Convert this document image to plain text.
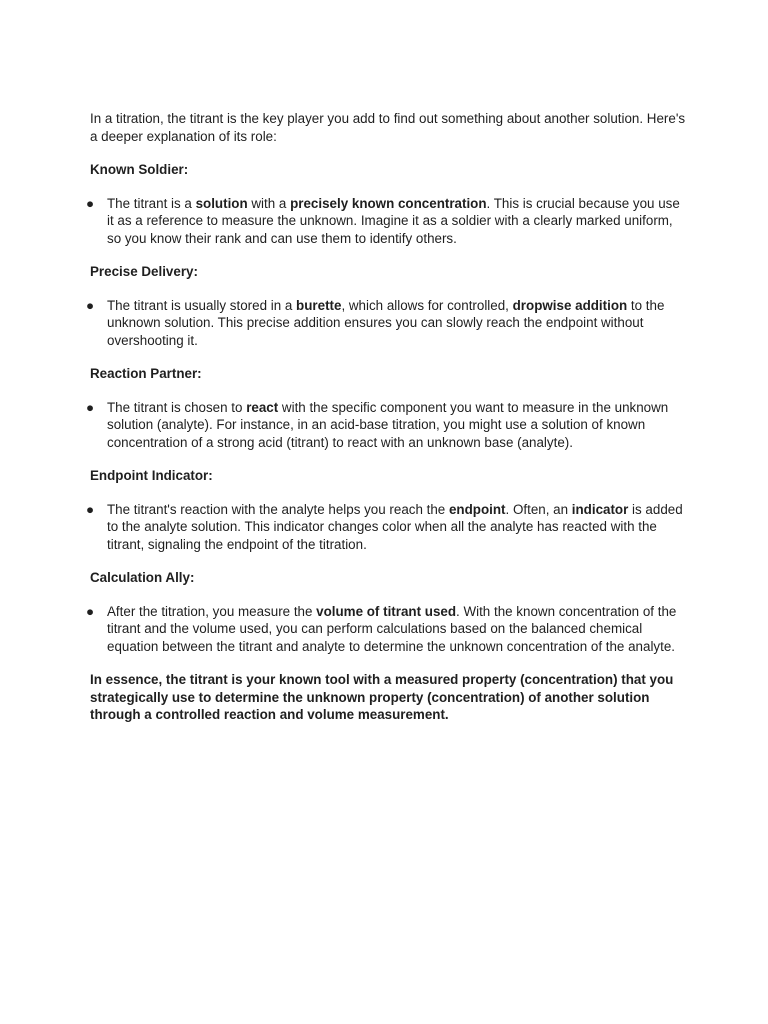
In a titration, the titrant is the key player you add to find out something about another solution. Here's a deeper explanation of its role:

Known Soldier:

● The titrant is a solution with a precisely known concentration. This is crucial because you use it as a reference to measure the unknown. Imagine it as a soldier with a clearly marked uniform, so you know their rank and can use them to identify others.

Precise Delivery:

● The titrant is usually stored in a burette, which allows for controlled, dropwise addition to the unknown solution. This precise addition ensures you can slowly reach the endpoint without overshooting it.

Reaction Partner:

● The titrant is chosen to react with the specific component you want to measure in the unknown solution (analyte). For instance, in an acid-base titration, you might use a solution of known concentration of a strong acid (titrant) to react with an unknown base (analyte).

Endpoint Indicator:

● The titrant's reaction with the analyte helps you reach the endpoint. Often, an indicator is added to the analyte solution. This indicator changes color when all the analyte has reacted with the titrant, signaling the endpoint of the titration.

Calculation Ally:

● After the titration, you measure the volume of titrant used. With the known concentration of the titrant and the volume used, you can perform calculations based on the balanced chemical equation between the titrant and analyte to determine the unknown concentration of the analyte.

In essence, the titrant is your known tool with a measured property (concentration) that you strategically use to determine the unknown property (concentration) of another solution through a controlled reaction and volume measurement.
